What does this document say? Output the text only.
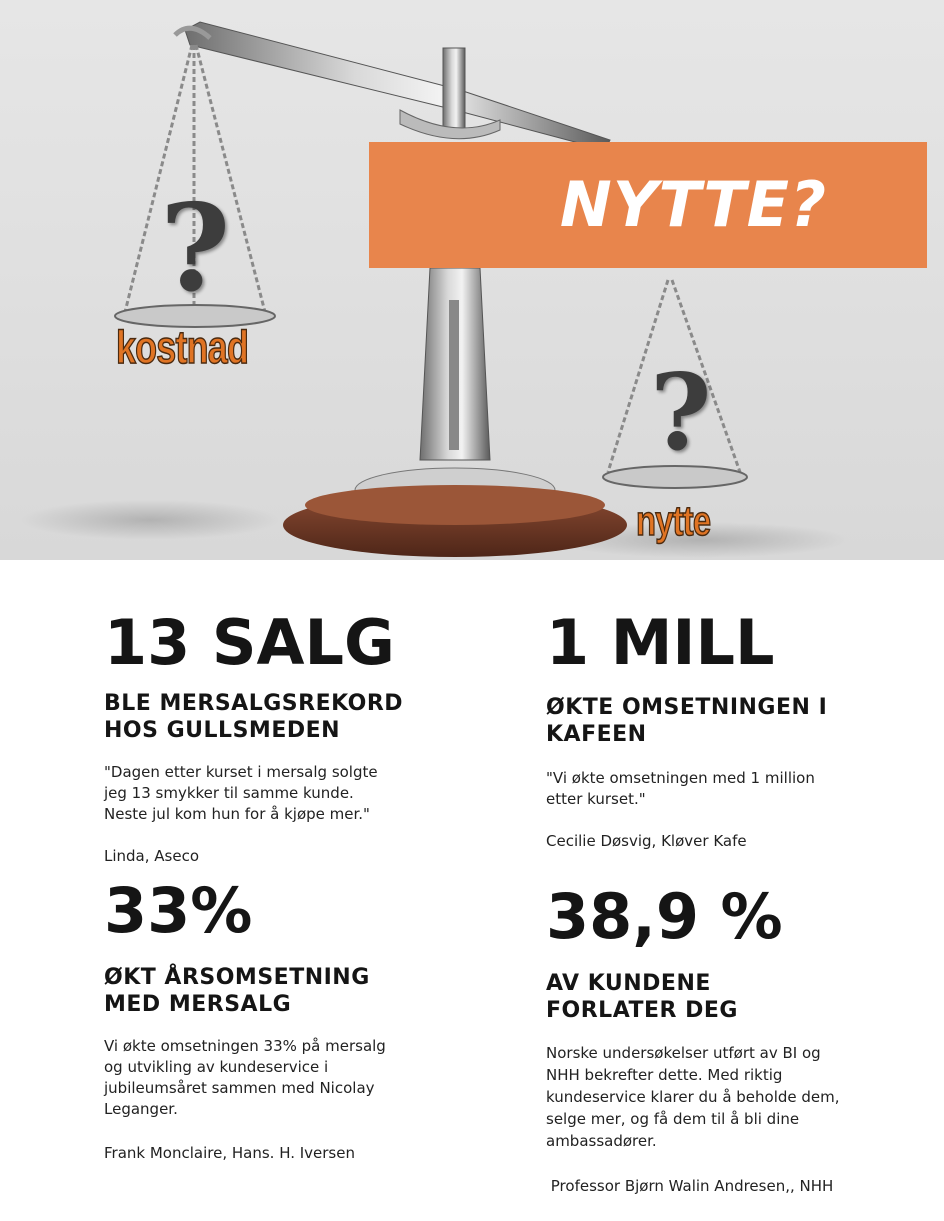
?
?
kostnad
nytte
NYTTE?
13 SALG
BLE MERSALGSREKORD
HOS GULLSMEDEN
"Dagen etter kurset i mersalg solgte
jeg 13 smykker til samme kunde.
Neste jul kom hun for å kjøpe mer."
Linda, Aseco
1 MILL
ØKTE OMSETNINGEN I
KAFEEN
"Vi økte omsetningen med 1 million
etter kurset."
Cecilie Døsvig, Kløver Kafe
33%
ØKT ÅRSOMSETNING
MED MERSALG
Vi økte omsetningen 33% på mersalg
og utvikling av kundeservice i
jubileumsåret sammen med Nicolay
Leganger.
Frank Monclaire, Hans. H. Iversen
38,9 %
AV KUNDENE
FORLATER DEG
Norske undersøkelser utført av BI og
NHH bekrefter dette. Med riktig
kundeservice klarer du å beholde dem,
selge mer, og få dem til å bli dine
ambassadører.
Professor Bjørn Walin Andresen,, NHH
